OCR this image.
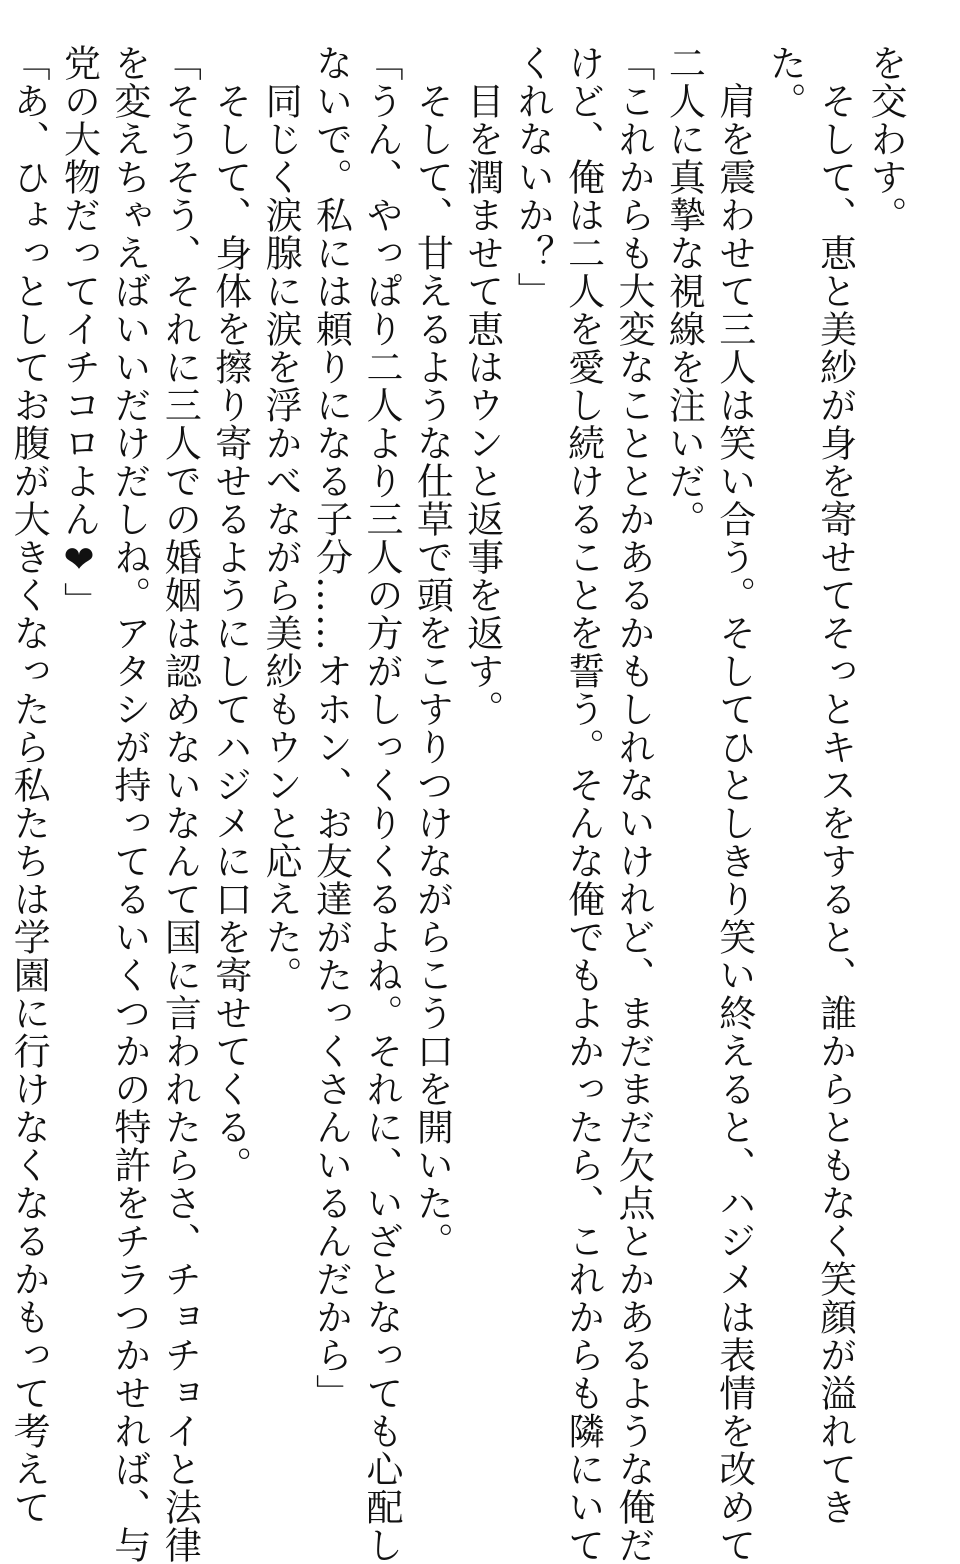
を交わす。
　そして、恵と美紗が身を寄せてそっとキスをすると、誰からともなく笑顔が溢れてき
た。
　肩を震わせて三人は笑い合う。そしてひとしきり笑い終えると、ハジメは表情を改めて
二人に真摯な視線を注いだ。
「これからも大変なこととかあるかもしれないけれど、まだまだ欠点とかあるような俺だ
けど、俺は二人を愛し続けることを誓う。そんな俺でもよかったら、これからも隣にいて
くれないか？」
　目を潤ませて恵はウンと返事を返す。
　そして、甘えるような仕草で頭をこすりつけながらこう口を開いた。
「うん、やっぱり二人より三人の方がしっくりくるよね。それに、いざとなっても心配し
ないで。私には頼りになる子分……オホン、お友達がたっくさんいるんだから」
　同じく涙腺に涙を浮かべながら美紗もウンと応えた。
　そして、身体を擦り寄せるようにしてハジメに口を寄せてくる。
「そうそう、それに三人での婚姻は認めないなんて国に言われたらさ、チョチョイと法律
を変えちゃえばいいだけだしね。アタシが持ってるいくつかの特許をチラつかせれば、与
党の大物だってイチコロよん❤」
「あ、ひょっとしてお腹が大きくなったら私たちは学園に行けなくなるかもって考えて
